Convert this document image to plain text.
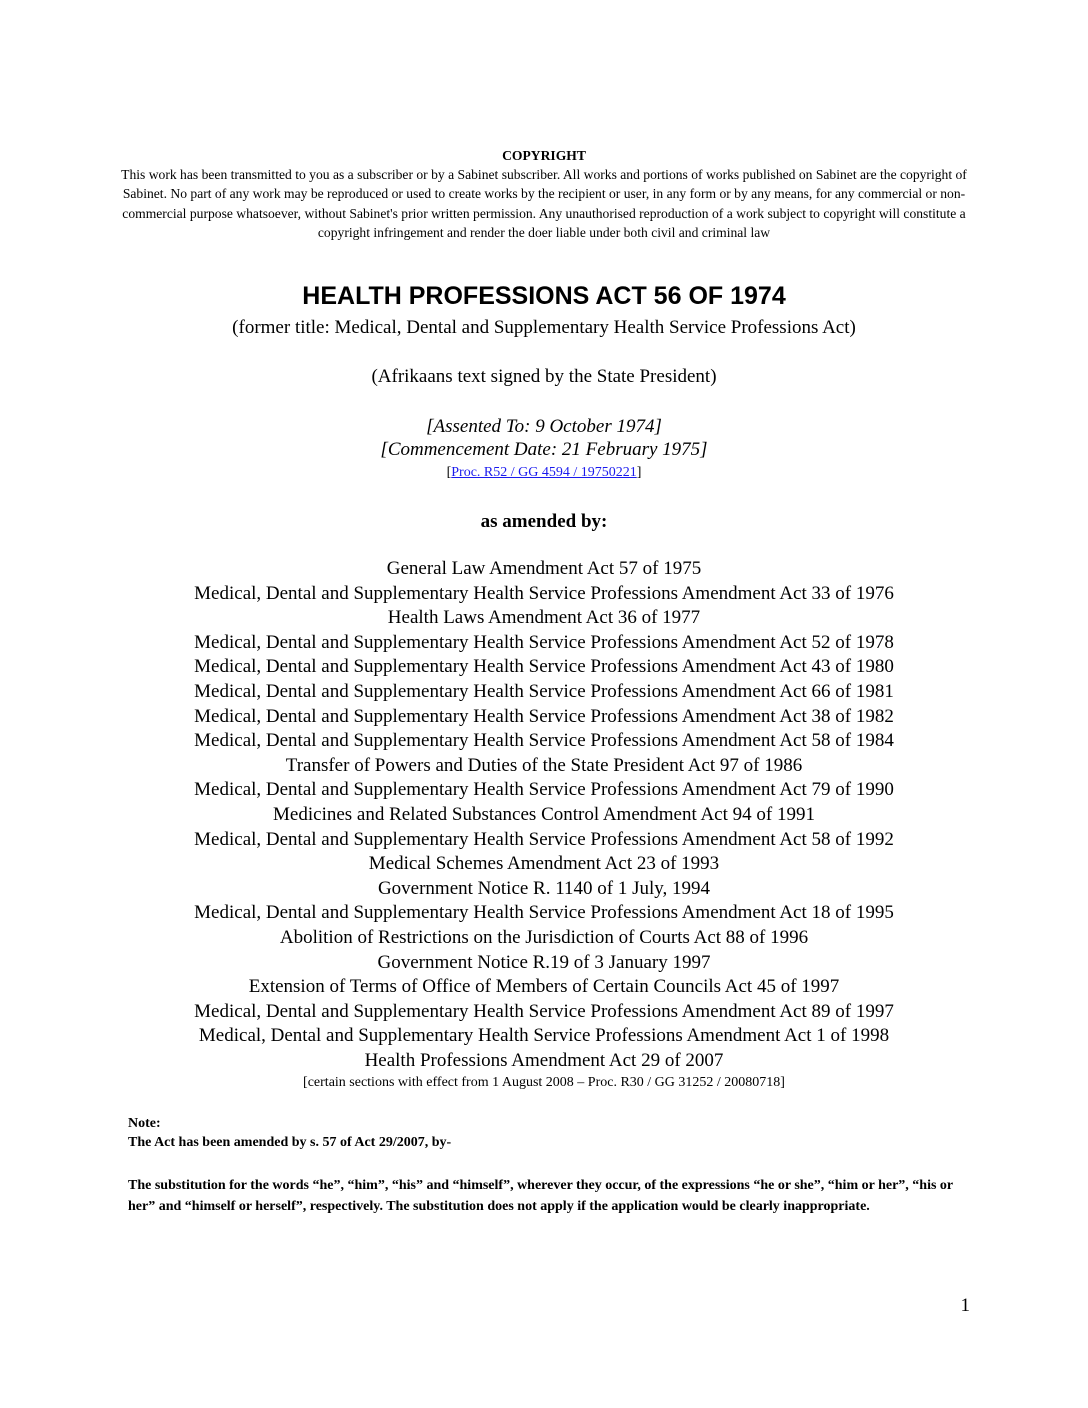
COPYRIGHT
This work has been transmitted to you as a subscriber or by a Sabinet subscriber. All works and portions of works published on Sabinet are the copyright of Sabinet. No part of any work may be reproduced or used to create works by the recipient or user, in any form or by any means, for any commercial or non-commercial purpose whatsoever, without Sabinet's prior written permission. Any unauthorised reproduction of a work subject to copyright will constitute a copyright infringement and render the doer liable under both civil and criminal law
HEALTH PROFESSIONS ACT 56 OF 1974
(former title: Medical, Dental and Supplementary Health Service Professions Act)
(Afrikaans text signed by the State President)
[Assented To: 9 October 1974]
[Commencement Date: 21 February 1975]
[Proc. R52 / GG 4594 / 19750221]
as amended by:
General Law Amendment Act 57 of 1975
Medical, Dental and Supplementary Health Service Professions Amendment Act 33 of 1976
Health Laws Amendment Act 36 of 1977
Medical, Dental and Supplementary Health Service Professions Amendment Act 52 of 1978
Medical, Dental and Supplementary Health Service Professions Amendment Act 43 of 1980
Medical, Dental and Supplementary Health Service Professions Amendment Act 66 of 1981
Medical, Dental and Supplementary Health Service Professions Amendment Act 38 of 1982
Medical, Dental and Supplementary Health Service Professions Amendment Act 58 of 1984
Transfer of Powers and Duties of the State President Act 97 of 1986
Medical, Dental and Supplementary Health Service Professions Amendment Act 79 of 1990
Medicines and Related Substances Control Amendment Act 94 of 1991
Medical, Dental and Supplementary Health Service Professions Amendment Act 58 of 1992
Medical Schemes Amendment Act 23 of 1993
Government Notice R. 1140 of 1 July, 1994
Medical, Dental and Supplementary Health Service Professions Amendment Act 18 of 1995
Abolition of Restrictions on the Jurisdiction of Courts Act 88 of 1996
Government Notice R.19 of 3 January 1997
Extension of Terms of Office of Members of Certain Councils Act 45 of 1997
Medical, Dental and Supplementary Health Service Professions Amendment Act 89 of 1997
Medical, Dental and Supplementary Health Service Professions Amendment Act 1 of 1998
Health Professions Amendment Act 29 of 2007
[certain sections with effect from 1 August 2008 – Proc. R30 / GG 31252 / 20080718]
Note:
The Act has been amended by s. 57 of Act 29/2007, by-
The substitution for the words “he”, “him”, “his” and “himself”, wherever they occur, of the expressions “he or she”, “him or her”, “his or her” and “himself or herself”, respectively. The substitution does not apply if the application would be clearly inappropriate.
1
